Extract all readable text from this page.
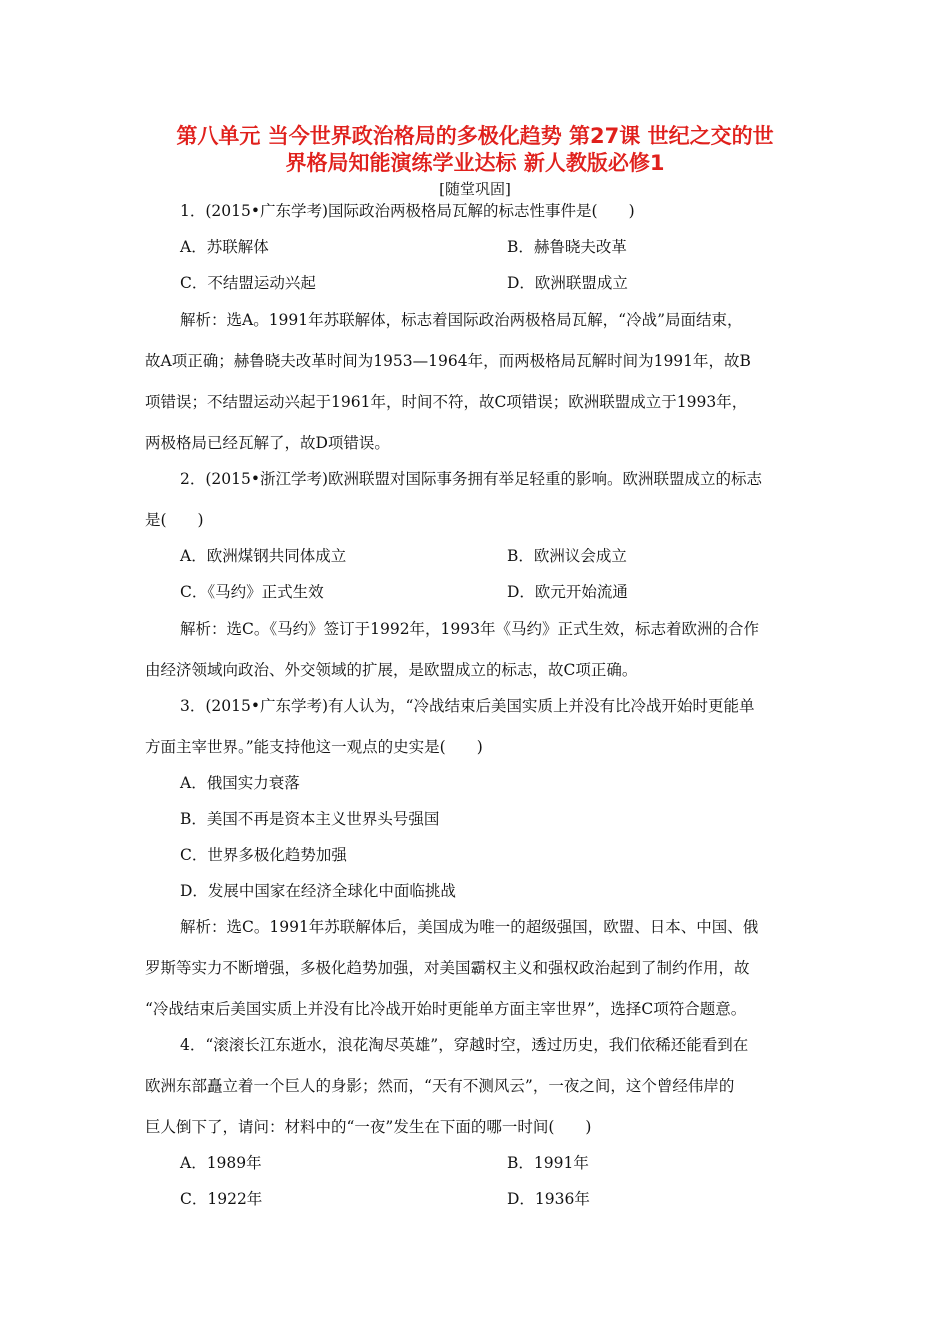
第八单元 当今世界政治格局的多极化趋势 第27课 世纪之交的世
界格局知能演练学业达标 新人教版必修1
[随堂巩固]
1．(2015•广东学考)国际政治两极格局瓦解的标志性事件是(　　)
A．苏联解体	B．赫鲁晓夫改革
C．不结盟运动兴起	D．欧洲联盟成立
解析：选A。1991年苏联解体，标志着国际政治两极格局瓦解，“冷战”局面结束，
故A项正确；赫鲁晓夫改革时间为1953—1964年，而两极格局瓦解时间为1991年，故B
项错误；不结盟运动兴起于1961年，时间不符，故C项错误；欧洲联盟成立于1993年，
两极格局已经瓦解了，故D项错误。
2．(2015•浙江学考)欧洲联盟对国际事务拥有举足轻重的影响。欧洲联盟成立的标志
是(　　)
A．欧洲煤钢共同体成立	B．欧洲议会成立
C．《马约》正式生效	D．欧元开始流通
解析：选C。《马约》签订于1992年，1993年《马约》正式生效，标志着欧洲的合作
由经济领域向政治、外交领域的扩展，是欧盟成立的标志，故C项正确。
3．(2015•广东学考)有人认为，“冷战结束后美国实质上并没有比冷战开始时更能单
方面主宰世界。”能支持他这一观点的史实是(　　)
A．俄国实力衰落
B．美国不再是资本主义世界头号强国
C．世界多极化趋势加强
D．发展中国家在经济全球化中面临挑战
解析：选C。1991年苏联解体后，美国成为唯一的超级强国，欧盟、日本、中国、俄
罗斯等实力不断增强，多极化趋势加强，对美国霸权主义和强权政治起到了制约作用，故
“冷战结束后美国实质上并没有比冷战开始时更能单方面主宰世界”，选择C项符合题意。
4．“滚滚长江东逝水，浪花淘尽英雄”，穿越时空，透过历史，我们依稀还能看到在
欧洲东部矗立着一个巨人的身影；然而，“天有不测风云”，一夜之间，这个曾经伟岸的
巨人倒下了，请问：材料中的“一夜”发生在下面的哪一时间(　　)
A．1989年	B．1991年
C．1922年	D．1936年
